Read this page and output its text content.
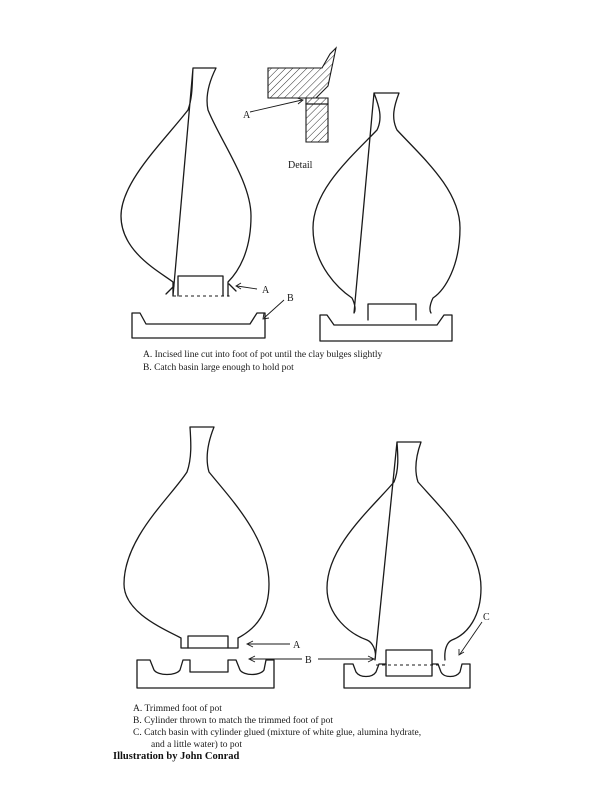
A
B
A
Detail
A. Incised line cut into foot of pot until the clay bulges slightly
B. Catch basin large enough to hold pot
A
B
C
A. Trimmed foot of pot
B. Cylinder thrown to match the trimmed foot of pot
C. Catch basin with cylinder glued (mixture of white glue, alumina hydrate,
and a little water) to pot
Illustration by John Conrad
